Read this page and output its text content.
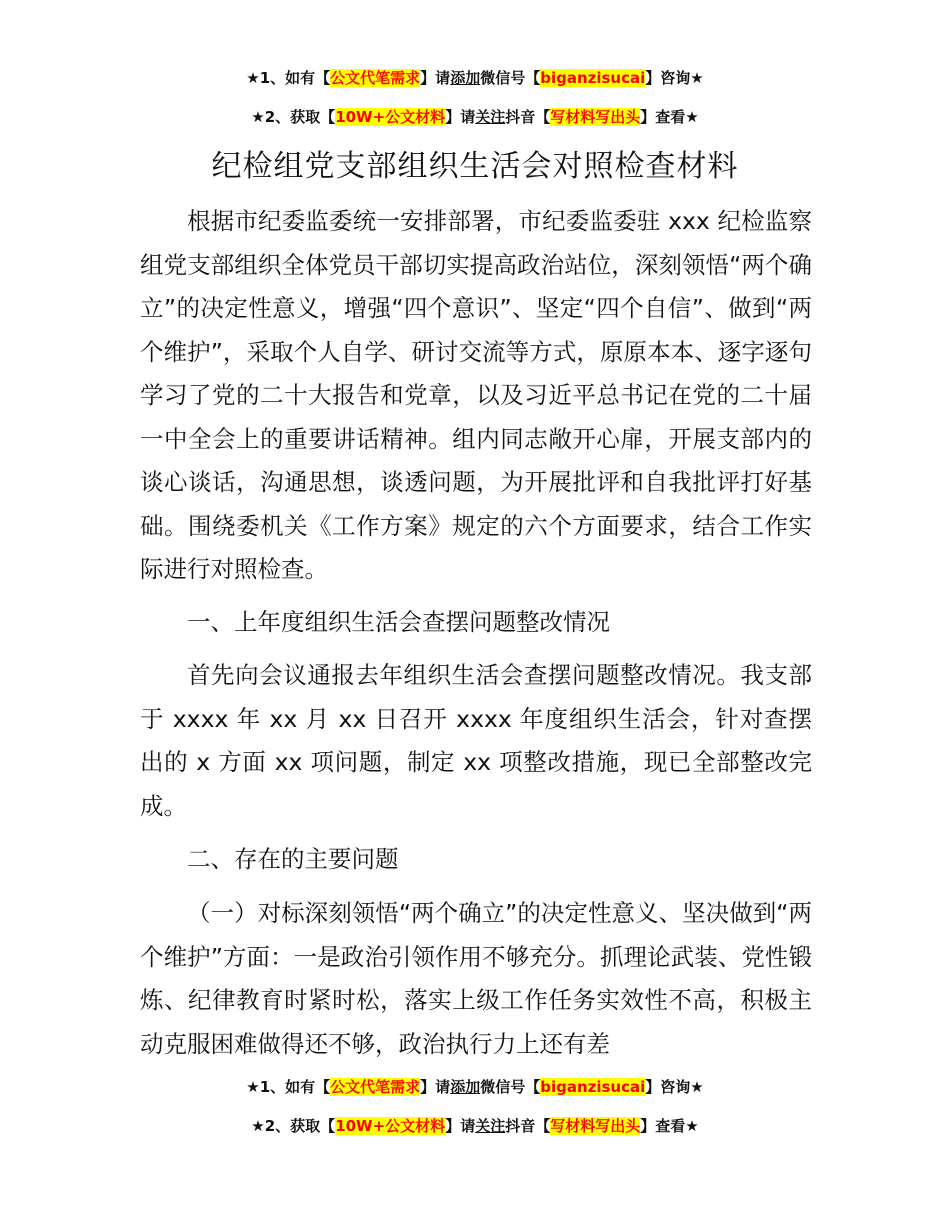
★1、如有【公文代笔需求】请添加微信号【biganzisucai】咨询★
★2、获取【10W+公文材料】请关注抖音【写材料写出头】查看★
纪检组党支部组织生活会对照检查材料

根据市纪委监委统一安排部署，市纪委监委驻 xxx 纪检监察组党支部组织全体党员干部切实提高政治站位，深刻领悟“两个确立”的决定性意义，增强“四个意识”、坚定“四个自信”、做到“两个维护”，采取个人自学、研讨交流等方式，原原本本、逐字逐句学习了党的二十大报告和党章，以及习近平总书记在党的二十届一中全会上的重要讲话精神。组内同志敞开心扉，开展支部内的谈心谈话，沟通思想，谈透问题，为开展批评和自我批评打好基础。围绕委机关《工作方案》规定的六个方面要求，结合工作实际进行对照检查。

一、上年度组织生活会查摆问题整改情况

首先向会议通报去年组织生活会查摆问题整改情况。我支部于 xxxx 年 xx 月 xx 日召开 xxxx 年度组织生活会，针对查摆出的 x 方面 xx 项问题，制定 xx 项整改措施，现已全部整改完成。

二、存在的主要问题

（一）对标深刻领悟“两个确立”的决定性意义、坚决做到“两个维护”方面：一是政治引领作用不够充分。抓理论武装、党性锻炼、纪律教育时紧时松，落实上级工作任务实效性不高，积极主动克服困难做得还不够，政治执行力上还有差

★1、如有【公文代笔需求】请添加微信号【biganzisucai】咨询★
★2、获取【10W+公文材料】请关注抖音【写材料写出头】查看★
